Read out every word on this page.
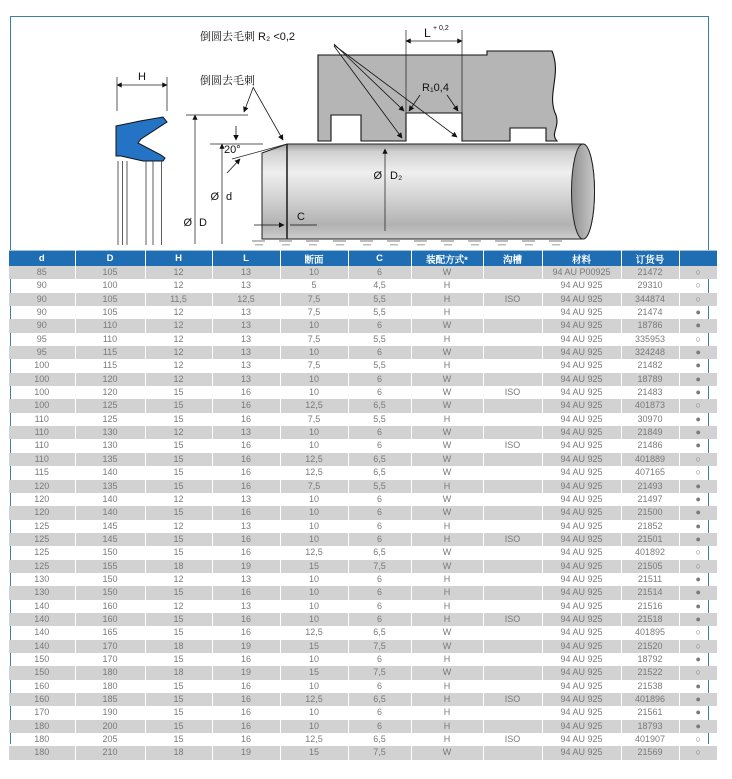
H
L + 0,2
R₁0,4
倒圆去毛刺 R₂ <0,2
倒圆去毛刺
20°
Ø D
Ø d
Ø D₂
C
d	D	H	L	断面	C	装配方式*	沟槽	材料	订货号	
85	105	12	13	10	6	W		94 AU P00925	21472	○
90	100	12	13	5	4,5	H		94 AU 925	29310	○
90	105	11,5	12,5	7,5	5,5	H	ISO	94 AU 925	344874	○
90	105	12	13	7,5	5,5	H		94 AU 925	21474	●
90	110	12	13	10	6	W		94 AU 925	18786	●
95	110	12	13	7,5	5,5	H		94 AU 925	335953	○
95	115	12	13	10	6	W		94 AU 925	324248	●
100	115	12	13	7,5	5,5	H		94 AU 925	21482	●
100	120	12	13	10	6	W		94 AU 925	18789	●
100	120	15	16	10	6	W	ISO	94 AU 925	21483	●
100	125	15	16	12,5	6,5	W		94 AU 925	401873	○
110	125	15	16	7,5	5,5	H		94 AU 925	30970	●
110	130	12	13	10	6	W		94 AU 925	21849	●
110	130	15	16	10	6	W	ISO	94 AU 925	21486	●
110	135	15	16	12,5	6,5	W		94 AU 925	401889	○
115	140	15	16	12,5	6,5	W		94 AU 925	407165	○
120	135	15	16	7,5	5,5	H		94 AU 925	21493	●
120	140	12	13	10	6	W		94 AU 925	21497	●
120	140	15	16	10	6	W		94 AU 925	21500	●
125	145	12	13	10	6	H		94 AU 925	21852	●
125	145	15	16	10	6	H	ISO	94 AU 925	21501	●
125	150	15	16	12,5	6,5	W		94 AU 925	401892	○
125	155	18	19	15	7,5	W		94 AU 925	21505	○
130	150	12	13	10	6	H		94 AU 925	21511	●
130	150	15	16	10	6	H		94 AU 925	21514	●
140	160	12	13	10	6	H		94 AU 925	21516	●
140	160	15	16	10	6	H	ISO	94 AU 925	21518	●
140	165	15	16	12,5	6,5	W		94 AU 925	401895	○
140	170	18	19	15	7,5	W		94 AU 925	21520	○
150	170	15	16	10	6	H		94 AU 925	18792	●
150	180	18	19	15	7,5	W		94 AU 925	21522	○
160	180	15	16	10	6	H		94 AU 925	21538	●
160	185	15	16	12,5	6,5	H	ISO	94 AU 925	401896	●
170	190	15	16	10	6	H		94 AU 925	21561	●
180	200	15	16	10	6	H		94 AU 925	18793	●
180	205	15	16	12,5	6,5	H	ISO	94 AU 925	401907	○
180	210	18	19	15	7,5	W		94 AU 925	21569	○
